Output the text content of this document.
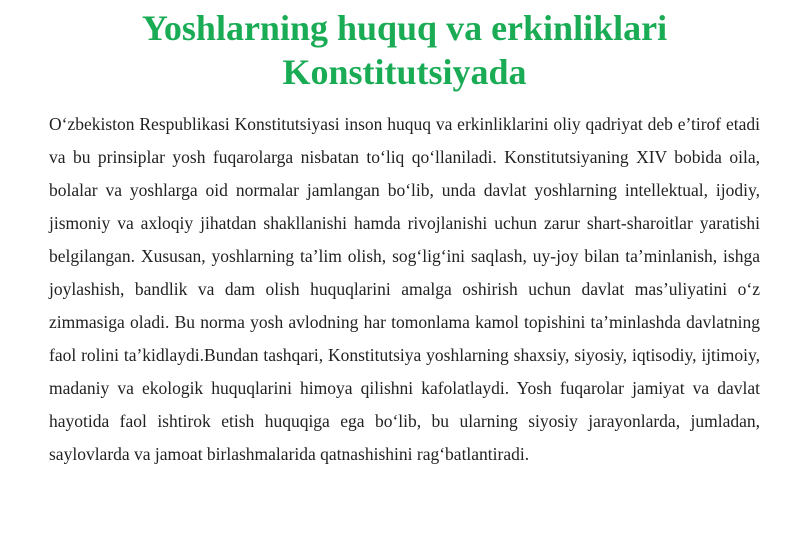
Yoshlarning huquq va erkinliklari Konstitutsiyada

O‘zbekiston Respublikasi Konstitutsiyasi inson huquq va erkinliklarini oliy qadriyat deb e’tirof etadi va bu prinsiplar yosh fuqarolarga nisbatan to‘liq qo‘llaniladi. Konstitutsiyaning XIV bobida oila, bolalar va yoshlarga oid normalar jamlangan bo‘lib, unda davlat yoshlarning intellektual, ijodiy, jismoniy va axloqiy jihatdan shakllanishi hamda rivojlanishi uchun zarur shart-sharoitlar yaratishi belgilangan. Xususan, yoshlarning ta’lim olish, sog‘lig‘ini saqlash, uy-joy bilan ta’minlanish, ishga joylashish, bandlik va dam olish huquqlarini amalga oshirish uchun davlat mas’uliyatini o‘z zimmasiga oladi. Bu norma yosh avlodning har tomonlama kamol topishini ta’minlashda davlatning faol rolini ta’kidlaydi.Bundan tashqari, Konstitutsiya yoshlarning shaxsiy, siyosiy, iqtisodiy, ijtimoiy, madaniy va ekologik huquqlarini himoya qilishni kafolatlaydi. Yosh fuqarolar jamiyat va davlat hayotida faol ishtirok etish huquqiga ega bo‘lib, bu ularning siyosiy jarayonlarda, jumladan, saylovlarda va jamoat birlashmalarida qatnashishini rag‘batlantiradi.
